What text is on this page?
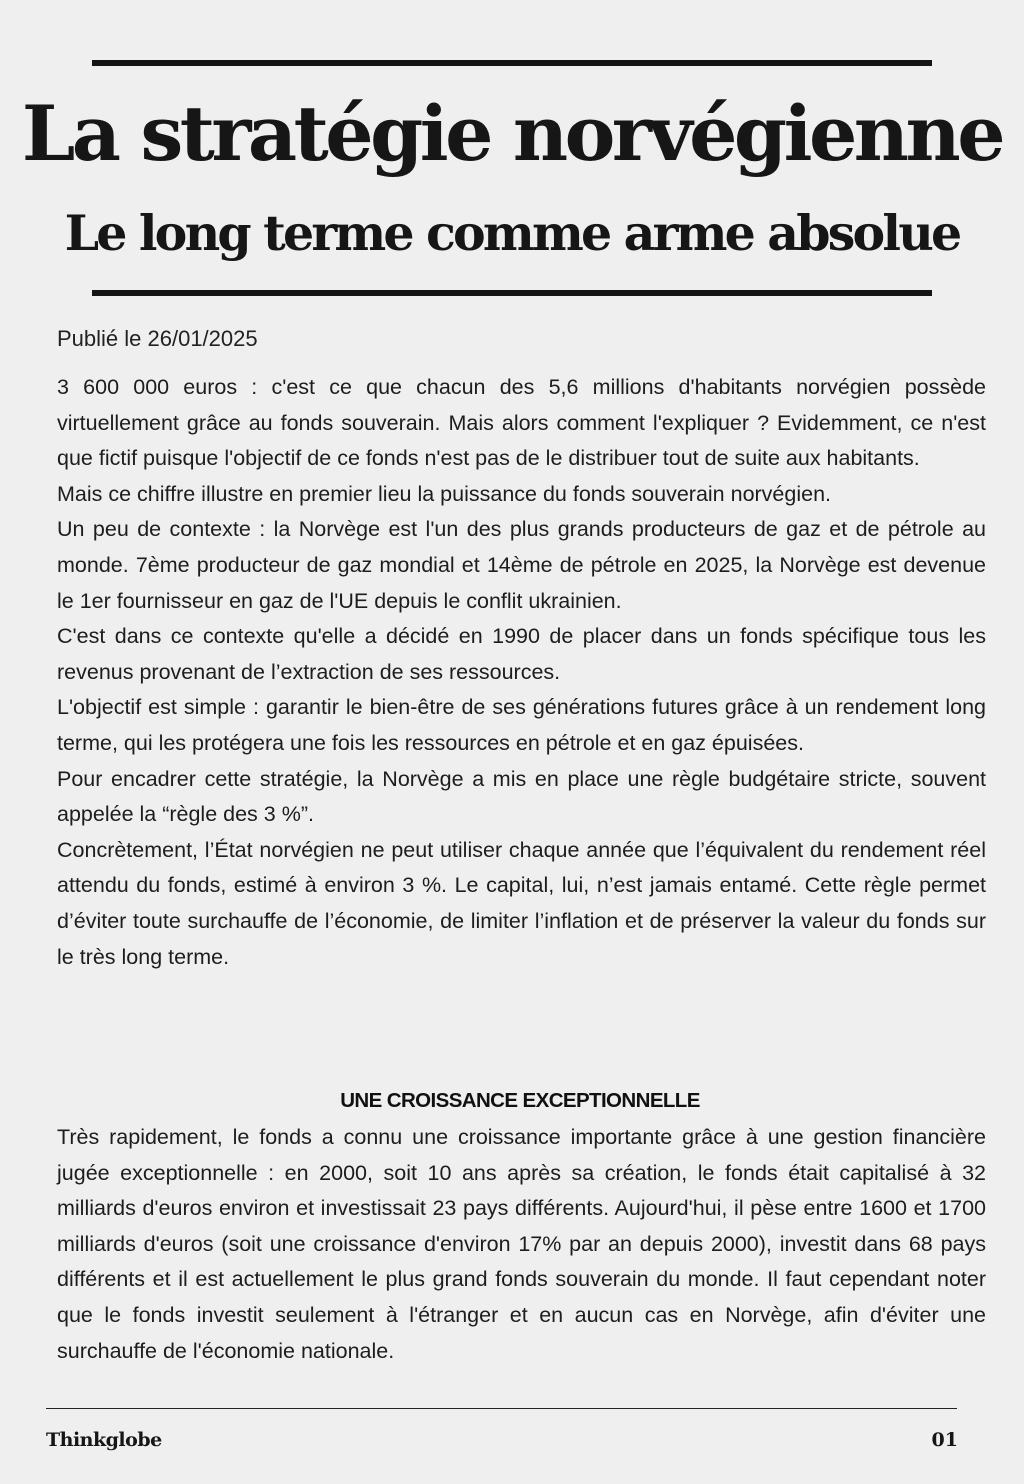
La stratégie norvégienne
Le long terme comme arme absolue
Publié le 26/01/2025

3 600 000 euros : c'est ce que chacun des 5,6 millions d'habitants norvégien possède virtuellement grâce au fonds souverain. Mais alors comment l'expliquer ? Evidemment, ce n'est que fictif puisque l'objectif de ce fonds n'est pas de le distribuer tout de suite aux habitants.

Mais ce chiffre illustre en premier lieu la puissance du fonds souverain norvégien.

Un peu de contexte : la Norvège est l'un des plus grands producteurs de gaz et de pétrole au monde. 7ème producteur de gaz mondial et 14ème de pétrole en 2025, la Norvège est devenue le 1er fournisseur en gaz de l'UE depuis le conflit ukrainien.

C'est dans ce contexte qu'elle a décidé en 1990 de placer dans un fonds spécifique tous les revenus provenant de l’extraction de ses ressources.

L'objectif est simple : garantir le bien-être de ses générations futures grâce à un rendement long terme, qui les protégera une fois les ressources en pétrole et en gaz épuisées.

Pour encadrer cette stratégie, la Norvège a mis en place une règle budgétaire stricte, souvent appelée la “règle des 3 %”.

Concrètement, l’État norvégien ne peut utiliser chaque année que l’équivalent du rendement réel attendu du fonds, estimé à environ 3 %. Le capital, lui, n’est jamais entamé. Cette règle permet d’éviter toute surchauffe de l’économie, de limiter l’inflation et de préserver la valeur du fonds sur le très long terme.

UNE CROISSANCE EXCEPTIONNELLE

Très rapidement, le fonds a connu une croissance importante grâce à une gestion financière jugée exceptionnelle : en 2000, soit 10 ans après sa création, le fonds était capitalisé à 32 milliards d'euros environ et investissait 23 pays différents. Aujourd'hui, il pèse entre 1600 et 1700 milliards d'euros (soit une croissance d'environ 17% par an depuis 2000), investit dans 68 pays différents et il est actuellement le plus grand fonds souverain du monde. Il faut cependant noter que le fonds investit seulement à l'étranger et en aucun cas en Norvège, afin d'éviter une surchauffe de l'économie nationale.

Thinkglobe	01
